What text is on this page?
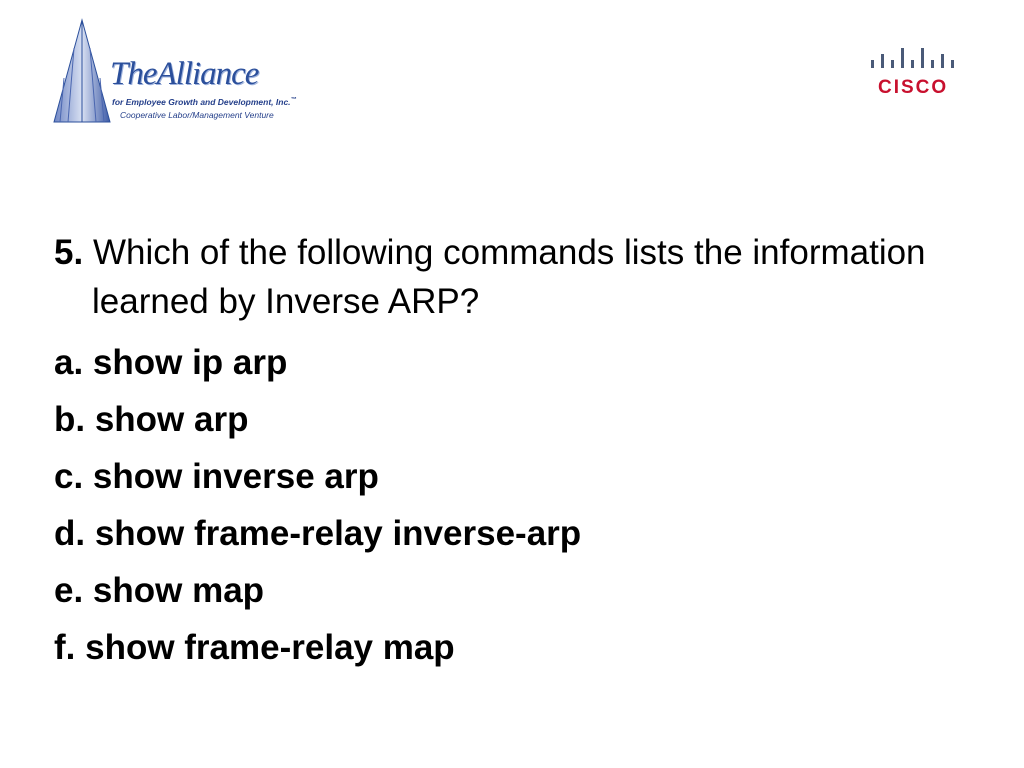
TheAlliance
for Employee Growth and Development, Inc.™
Cooperative Labor/Management Venture
CISCO

5. Which of the following commands lists the information learned by Inverse ARP?

a. show ip arp
b. show arp
c. show inverse arp
d. show frame-relay inverse-arp
e. show map
f. show frame-relay map
